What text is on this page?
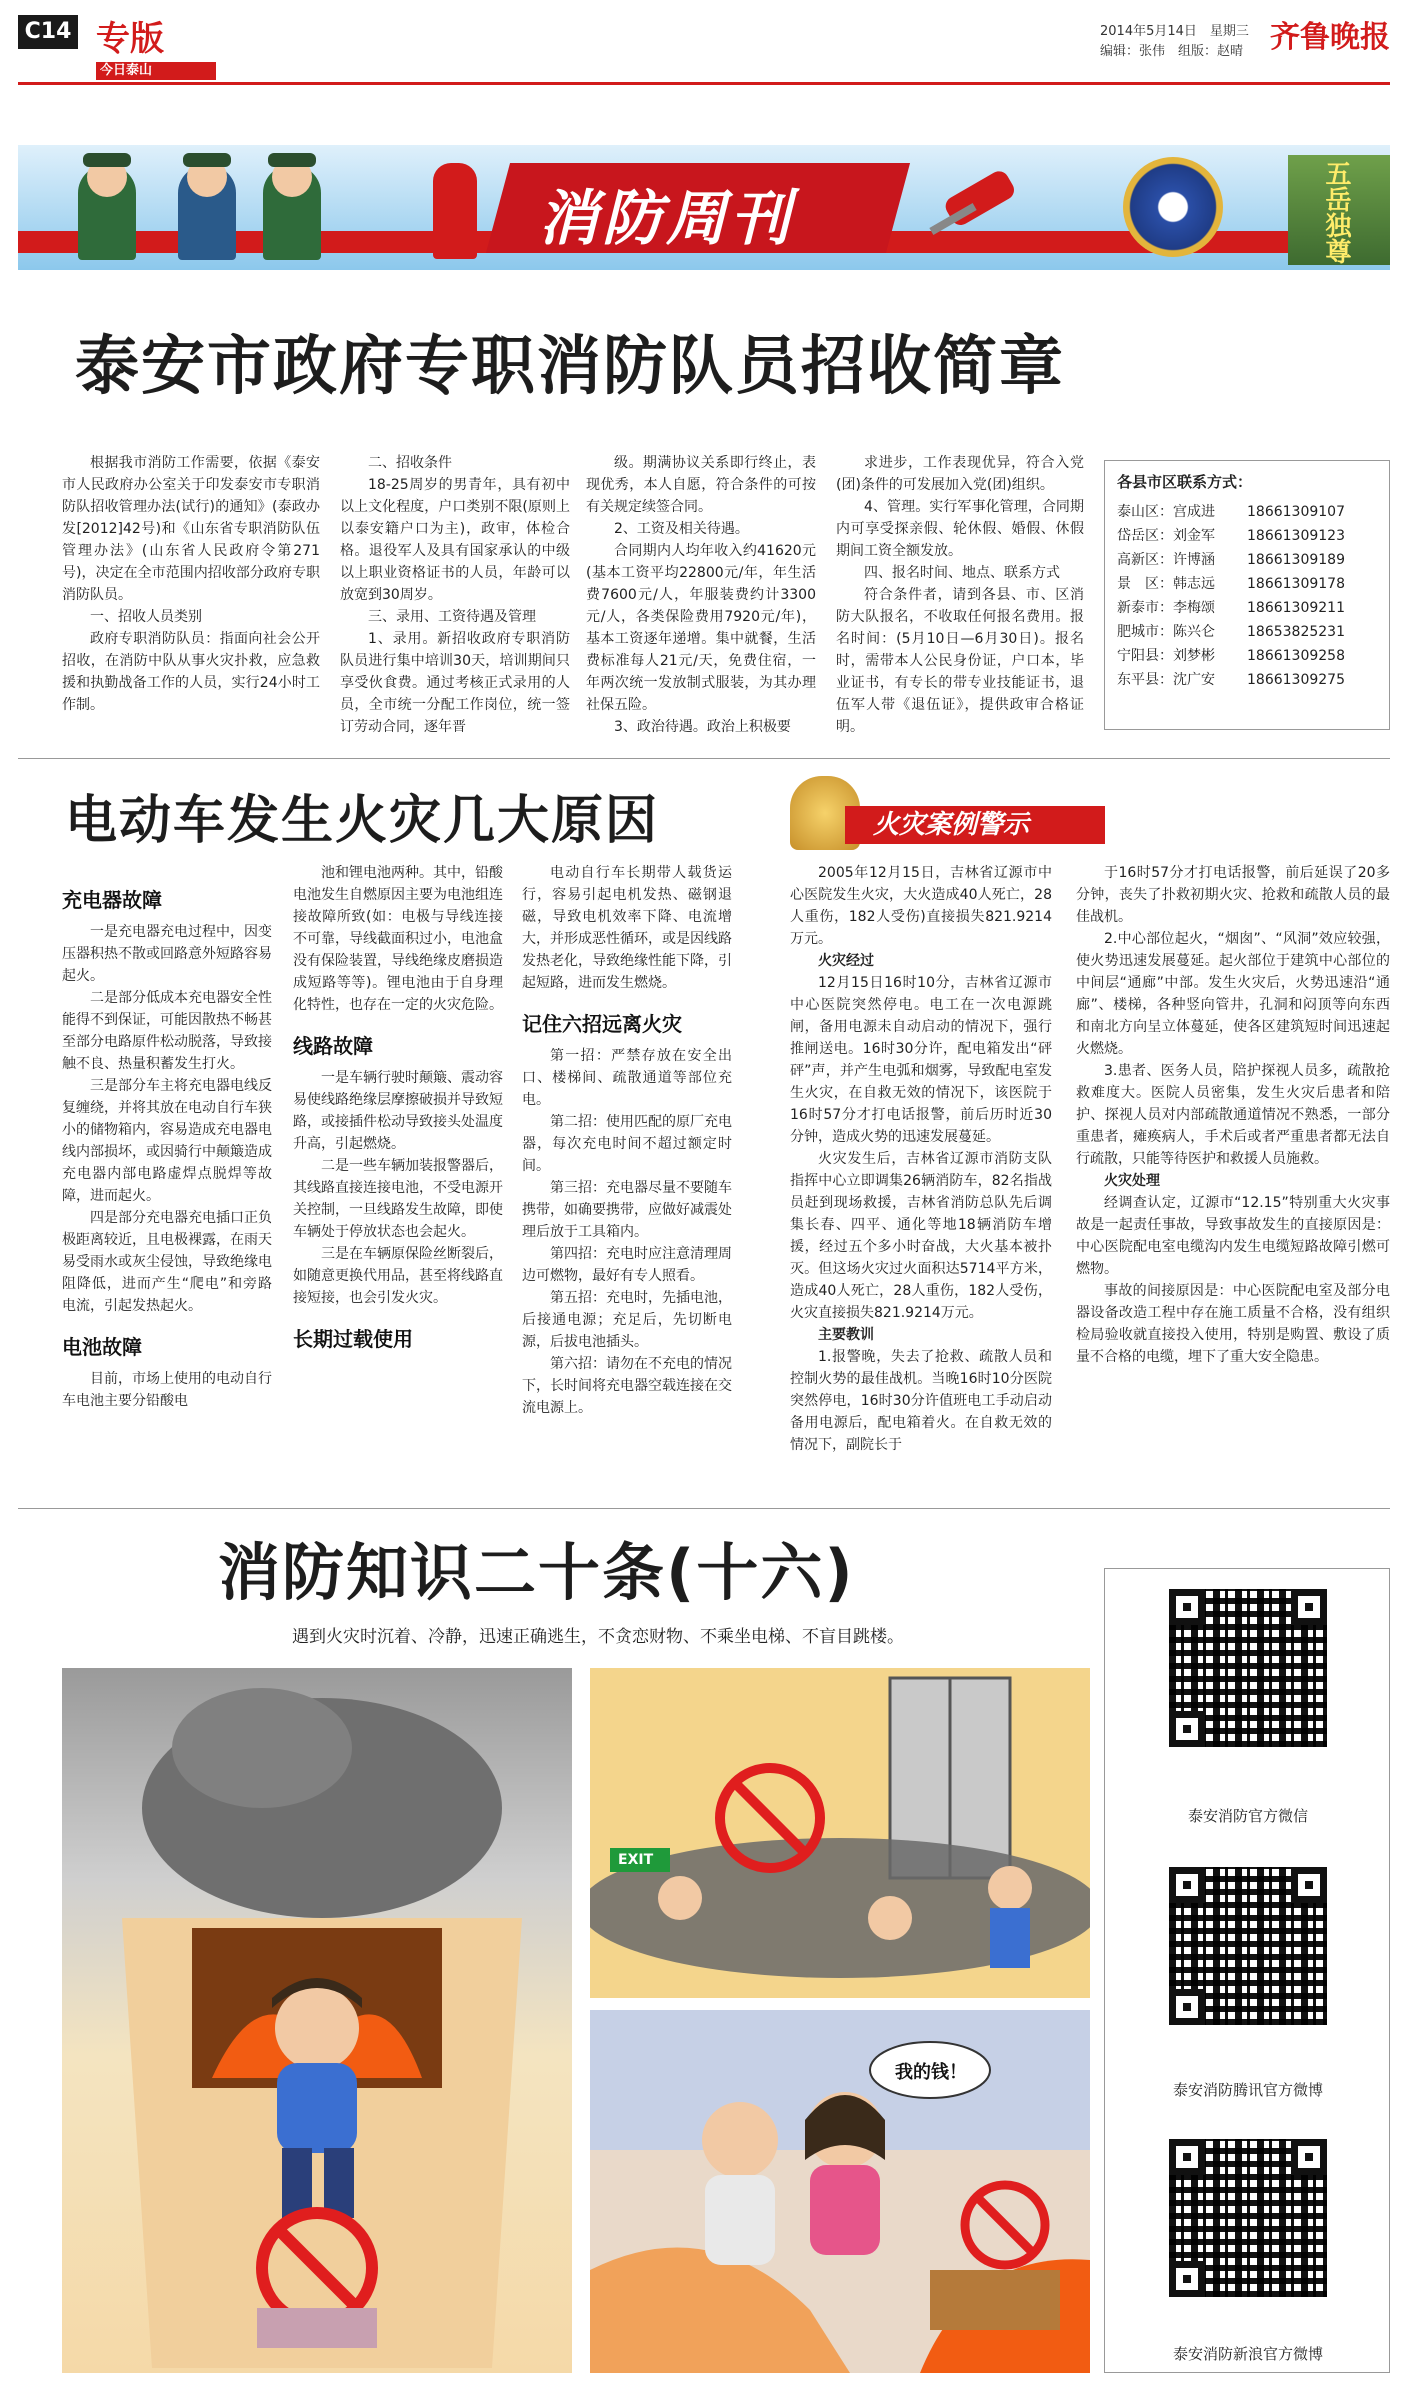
C14 专版
今日泰山
2014年5月14日　星期三
编辑：张伟　组版：赵晴 齐鲁晚报
消防周刊	五岳独尊
泰安市政府专职消防队员招收简章
根据我市消防工作需要，依据《泰安市人民政府办公室关于印发泰安市专职消防队招收管理办法(试行)的通知》(泰政办发[2012]42号)和《山东省专职消防队伍管理办法》(山东省人民政府令第271号)，决定在全市范围内招收部分政府专职消防队员。
一、招收人员类别
政府专职消防队员：指面向社会公开招收，在消防中队从事火灾扑救，应急救援和执勤战备工作的人员，实行24小时工作制。
二、招收条件
18-25周岁的男青年，具有初中以上文化程度，户口类别不限(原则上以泰安籍户口为主)，政审，体检合格。退役军人及具有国家承认的中级以上职业资格证书的人员，年龄可以放宽到30周岁。
三、录用、工资待遇及管理
1、录用。新招收政府专职消防队员进行集中培训30天，培训期间只享受伙食费。通过考核正式录用的人员，全市统一分配工作岗位，统一签订劳动合同，逐年晋
级。期满协议关系即行终止，表现优秀，本人自愿，符合条件的可按有关规定续签合同。
2、工资及相关待遇。
合同期内人均年收入约41620元(基本工资平均22800元/年，年生活费7600元/人，年服装费约计3300元/人，各类保险费用7920元/年)，基本工资逐年递增。集中就餐，生活费标准每人21元/天，免费住宿，一年两次统一发放制式服装，为其办理社保五险。
3、政治待遇。政治上积极要
求进步，工作表现优异，符合入党(团)条件的可发展加入党(团)组织。
4、管理。实行军事化管理，合同期内可享受探亲假、轮休假、婚假、休假期间工资全额发放。
四、报名时间、地点、联系方式
符合条件者，请到各县、市、区消防大队报名，不收取任何报名费用。报名时间：(5月10日—6月30日)。报名时，需带本人公民身份证，户口本，毕业证书，有专长的带专业技能证书，退伍军人带《退伍证》，提供政审合格证明。
各县市区联系方式：
泰山区：宫成进	18661309107
岱岳区：刘金军	18661309123
高新区：许博涵	18661309189
景　区：韩志远	18661309178
新泰市：李梅颂	18661309211
肥城市：陈兴仑	18653825231
宁阳县：刘梦彬	18661309258
东平县：沈广安	18661309275
电动车发生火灾几大原因
充电器故障
一是充电器充电过程中，因变压器积热不散或回路意外短路容易起火。
二是部分低成本充电器安全性能得不到保证，可能因散热不畅甚至部分电路原件松动脱落，导致接触不良、热量积蓄发生打火。
三是部分车主将充电器电线反复缠绕，并将其放在电动自行车狭小的储物箱内，容易造成充电器电线内部损坏，或因骑行中颠簸造成充电器内部电路虚焊点脱焊等故障，进而起火。
四是部分充电器充电插口正负极距离较近，且电极裸露，在雨天易受雨水或灰尘侵蚀，导致绝缘电阻降低，进而产生“爬电”和旁路电流，引起发热起火。
电池故障
目前，市场上使用的电动自行车电池主要分铅酸电
池和锂电池两种。其中，铅酸电池发生自燃原因主要为电池组连接故障所致(如：电极与导线连接不可靠，导线截面积过小，电池盒没有保险装置，导线绝缘皮磨损造成短路等等)。锂电池由于自身理化特性，也存在一定的火灾危险。
线路故障
一是车辆行驶时颠簸、震动容易使线路绝缘层摩擦破损并导致短路，或接插件松动导致接头处温度升高，引起燃烧。
二是一些车辆加装报警器后，其线路直接连接电池，不受电源开关控制，一旦线路发生故障，即使车辆处于停放状态也会起火。
三是在车辆原保险丝断裂后，如随意更换代用品，甚至将线路直接短接，也会引发火灾。
长期过载使用
电动自行车长期带人载货运行，容易引起电机发热、磁钢退磁，导致电机效率下降、电流增大，并形成恶性循环，或是因线路发热老化，导致绝缘性能下降，引起短路，进而发生燃烧。
记住六招远离火灾
第一招：严禁存放在安全出口、楼梯间、疏散通道等部位充电。
第二招：使用匹配的原厂充电器，每次充电时间不超过额定时间。
第三招：充电器尽量不要随车携带，如确要携带，应做好减震处理后放于工具箱内。
第四招：充电时应注意清理周边可燃物，最好有专人照看。
第五招：充电时，先插电池，后接通电源；充足后，先切断电源，后拔电池插头。
第六招：请勿在不充电的情况下，长时间将充电器空载连接在交流电源上。
火灾案例警示
2005年12月15日，吉林省辽源市中心医院发生火灾，大火造成40人死亡，28人重伤，182人受伤)直接损失821.9214万元。
火灾经过
12月15日16时10分，吉林省辽源市中心医院突然停电。电工在一次电源跳闸，备用电源未自动启动的情况下，强行推闸送电。16时30分许，配电箱发出“砰砰”声，并产生电弧和烟雾，导致配电室发生火灾，在自救无效的情况下，该医院于16时57分才打电话报警，前后历时近30分钟，造成火势的迅速发展蔓延。
火灾发生后，吉林省辽源市消防支队指挥中心立即调集26辆消防车，82名指战员赶到现场救援，吉林省消防总队先后调集长春、四平、通化等地18辆消防车增援，经过五个多小时奋战，大火基本被扑灭。但这场火灾过火面积达5714平方米，造成40人死亡，28人重伤，182人受伤，火灾直接损失821.9214万元。
主要教训
1.报警晚，失去了抢救、疏散人员和控制火势的最佳战机。当晚16时10分医院突然停电，16时30分许值班电工手动启动备用电源后，配电箱着火。在自救无效的情况下，副院长于
于16时57分才打电话报警，前后延误了20多分钟，丧失了扑救初期火灾、抢救和疏散人员的最佳战机。
2.中心部位起火，“烟囱”、“风洞”效应较强，使火势迅速发展蔓延。起火部位于建筑中心部位的中间层“通廊”中部。发生火灾后，火势迅速沿“通廊”、楼梯，各种竖向管井，孔洞和闷顶等向东西和南北方向呈立体蔓延，使各区建筑短时间迅速起火燃烧。
3.患者、医务人员，陪护探视人员多，疏散抢救难度大。医院人员密集，发生火灾后患者和陪护、探视人员对内部疏散通道情况不熟悉，一部分重患者，瘫痪病人，手术后或者严重患者都无法自行疏散，只能等待医护和救援人员施救。
火灾处理
经调查认定，辽源市“12.15”特别重大火灾事故是一起责任事故，导致事故发生的直接原因是：中心医院配电室电缆沟内发生电缆短路故障引燃可燃物。
事故的间接原因是：中心医院配电室及部分电器设备改造工程中存在施工质量不合格，没有组织检局验收就直接投入使用，特别是购置、敷设了质量不合格的电缆，埋下了重大安全隐患。
消防知识二十条(十六)
遇到火灾时沉着、冷静，迅速正确逃生，不贪恋财物、不乘坐电梯、不盲目跳楼。
EXIT
我的钱！
泰安消防官方微信
泰安消防腾讯官方微博
泰安消防新浪官方微博
